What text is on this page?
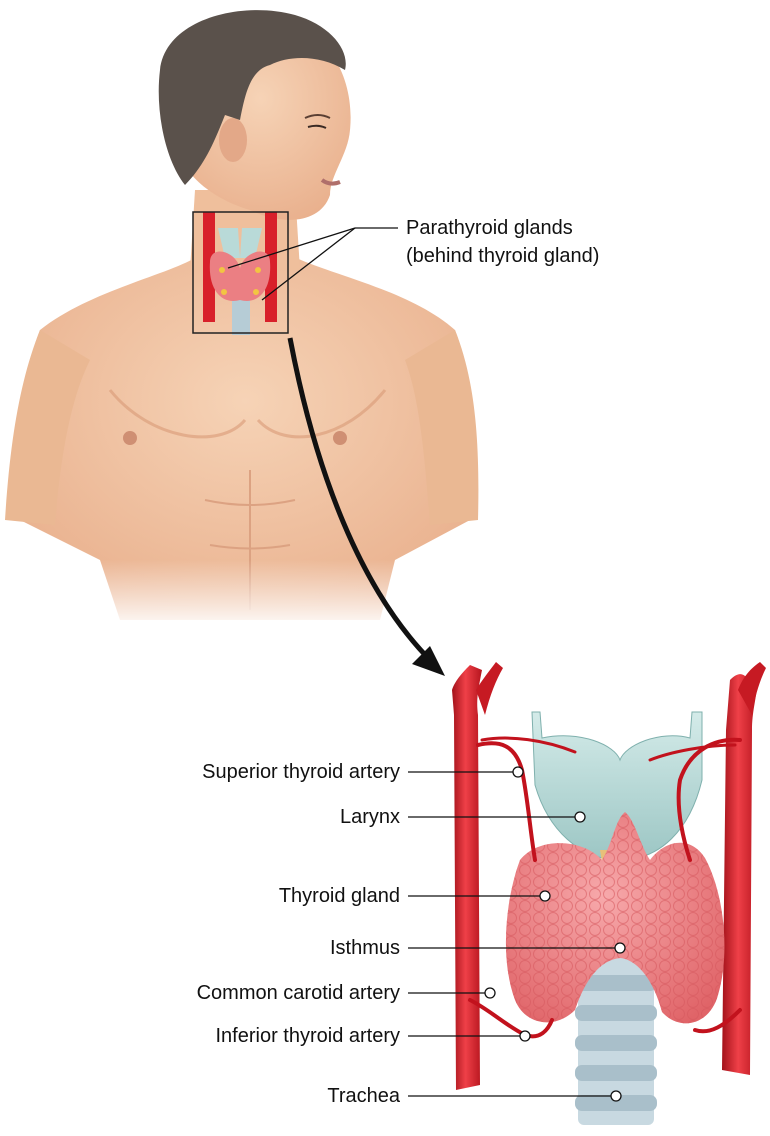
Parathyroid glands
(behind thyroid gland)
Superior thyroid artery
Larynx
Thyroid gland
Isthmus
Common carotid artery
Inferior thyroid artery
Trachea
